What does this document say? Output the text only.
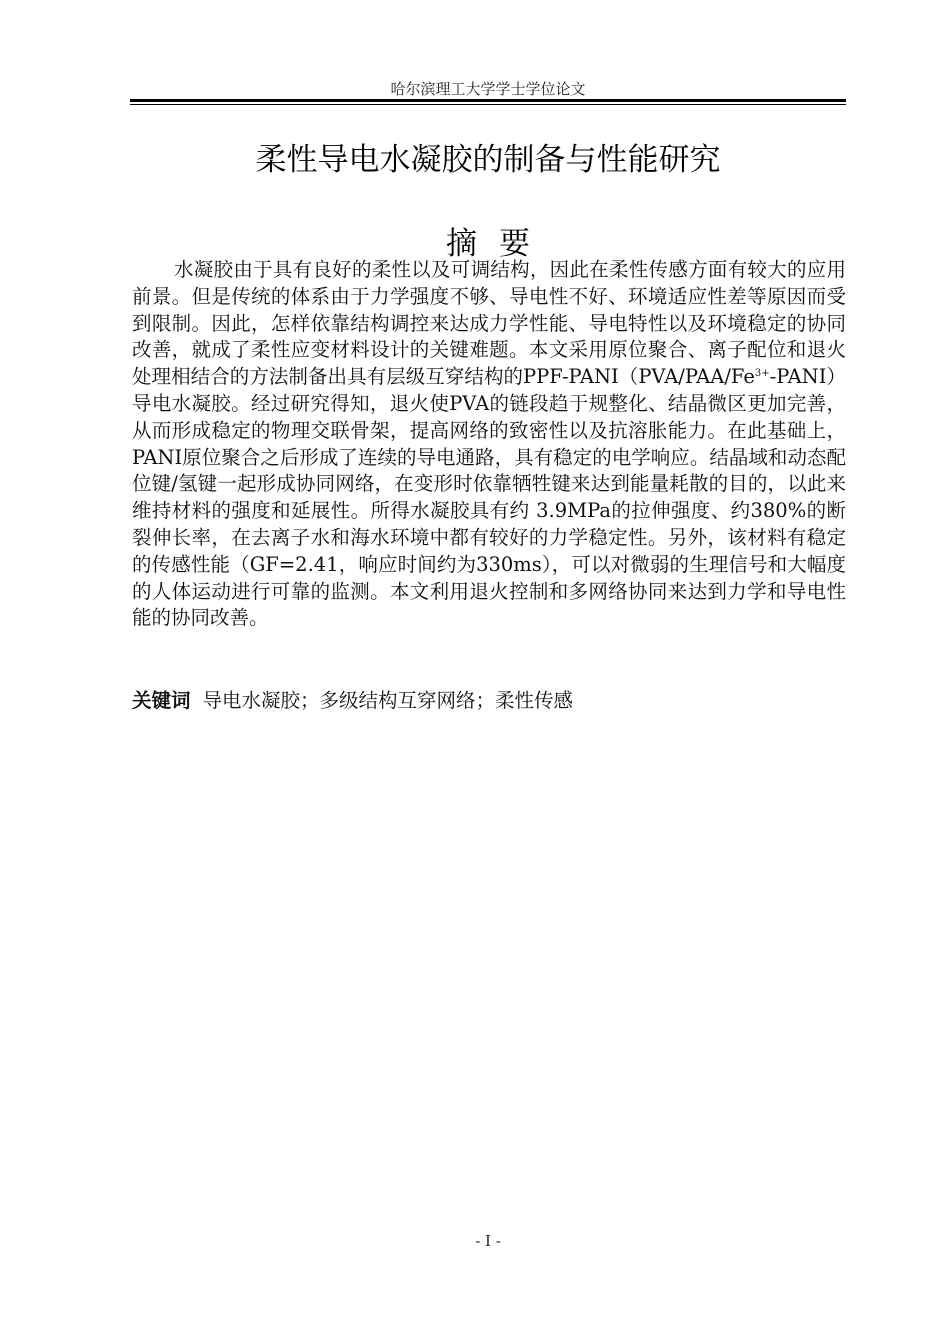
哈尔滨理工大学学士学位论文
柔性导电水凝胶的制备与性能研究
摘要
水凝胶由于具有良好的柔性以及可调结构，因此在柔性传感方面有较大的应用前景。但是传统的体系由于力学强度不够、导电性不好、环境适应性差等原因而受到限制。因此，怎样依靠结构调控来达成力学性能、导电特性以及环境稳定的协同改善，就成了柔性应变材料设计的关键难题。本文采用原位聚合、离子配位和退火处理相结合的方法制备出具有层级互穿结构的PPF-$PANI(PVA/PAA/Fe^{3+}-PANI)$导电水凝胶。经过研究得知，退火使PVA的链段趋于规整化、结晶微区更加完善，从而形成稳定的物理交联骨架，提高网络的致密性以及抗溶胀能力。在此基础上， PANI原位聚合之后形成了连续的导电通路，具有稳定的电学响应。结晶域和动态配位键/氢键一起形成协同网络，在变形时依靠牺牲键来达到能量耗散的目的，以此来维持材料的强度和延展性。所得水凝胶具有约 3.9MPa的拉伸强度、约380%的断裂伸长率，在去离子水和海水环境中都有较好的力学稳定性。另外，该材料有稳定的传感性能（GF=2.41，响应时间约为330ms），可以对微弱的生理信号和大幅度的人体运动进行可靠的监测。本文利用退火控制和多网络协同来达到力学和导电性能的协同改善。
关键词 导电水凝胶；多级结构互穿网络；柔性传感
- I -
